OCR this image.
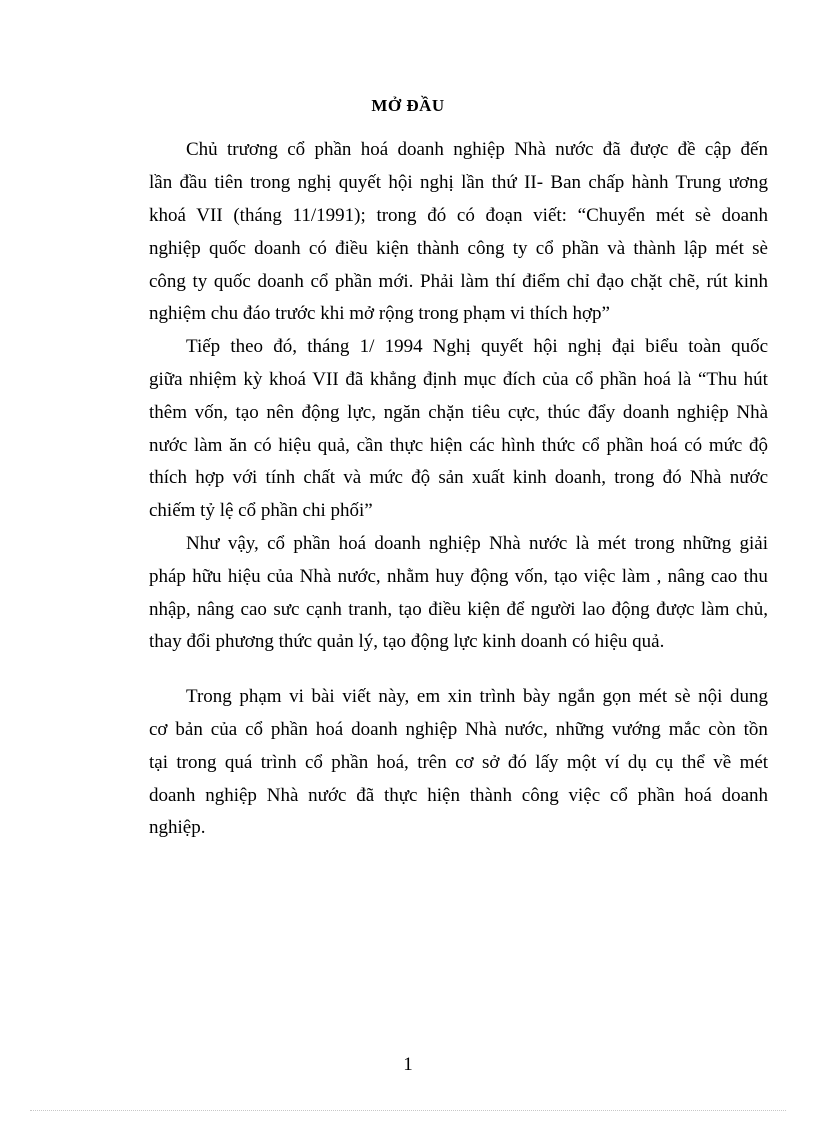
MỞ ĐẦU

Chủ trương cổ phần hoá doanh nghiệp Nhà nước đã được đề cập đến

lần đầu tiên trong nghị quyết hội nghị lần thứ II- Ban chấp hành Trung ương

khoá VII (tháng 11/1991); trong đó có đoạn viết: “Chuyển mét sè doanh

nghiệp quốc doanh có điều kiện thành công ty cổ phần và thành lập mét sè

công ty quốc doanh cổ phần mới. Phải làm thí điểm chỉ đạo chặt chẽ, rút kinh

nghiệm chu đáo trước khi mở rộng trong phạm vi thích hợp”

Tiếp theo đó, tháng 1/ 1994 Nghị quyết hội nghị đại biểu toàn quốc

giữa nhiệm kỳ khoá VII đã khẳng định mục đích của cổ phần hoá là “Thu hút

thêm vốn, tạo nên động lực, ngăn chặn tiêu cực, thúc đẩy doanh nghiệp Nhà

nước làm ăn có hiệu quả, cần thực hiện các hình thức cổ phần hoá có mức độ

thích hợp với tính chất và mức độ sản xuất kinh doanh, trong đó Nhà nước

chiếm tỷ lệ cổ phần chi phối”

Như vậy, cổ phần hoá doanh nghiệp Nhà nước là mét trong những giải

pháp hữu hiệu của Nhà nước, nhằm huy động vốn, tạo việc làm , nâng cao thu

nhập, nâng cao sưc cạnh tranh, tạo điều kiện để người lao động được làm chủ,

thay đổi phương thức quản lý, tạo động lực kinh doanh có hiệu quả.

Trong phạm vi bài viết này, em xin trình bày ngắn gọn mét sè nội dung

cơ bản của cổ phần hoá doanh nghiệp Nhà nước, những vướng mắc còn tồn

tại trong quá trình cổ phần hoá, trên cơ sở đó lấy một ví dụ cụ thể về mét

doanh nghiệp Nhà nước đã thực hiện thành công việc cổ phần hoá doanh

nghiệp.

1
